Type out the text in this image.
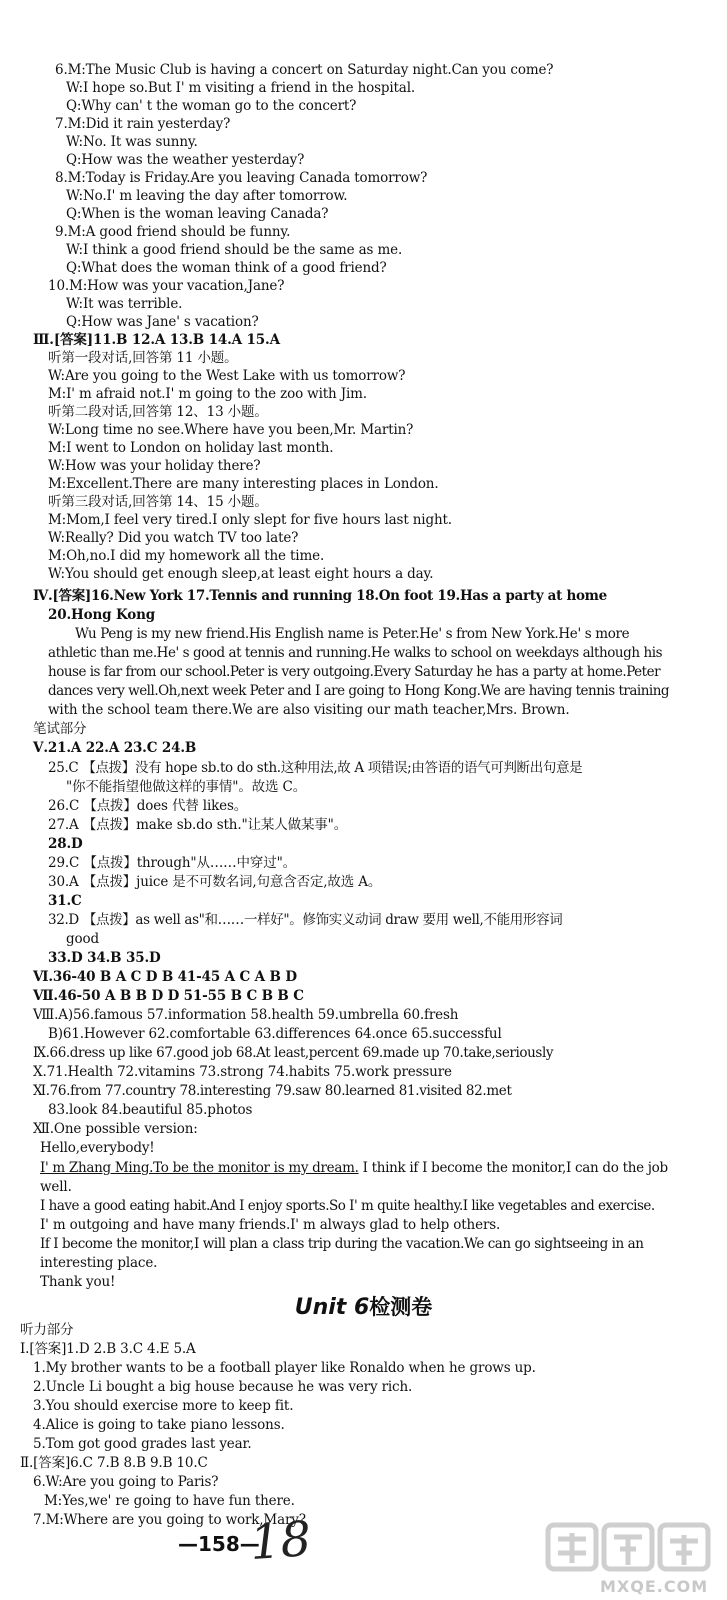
6.M:The Music Club is having a concert on Saturday night.Can you come?
W:I hope so.But I' m visiting a friend in the hospital.
Q:Why can' t the woman go to the concert?
7.M:Did it rain yesterday?
W:No. It was sunny.
Q:How was the weather yesterday?
8.M:Today is Friday.Are you leaving Canada tomorrow?
W:No.I' m leaving the day after tomorrow.
Q:When is the woman leaving Canada?
9.M:A good friend should be funny.
W:I think a good friend should be the same as me.
Q:What does the woman think of a good friend?
10.M:How was your vacation,Jane?
W:It was terrible.
Q:How was Jane' s vacation?
Ⅲ.[答案]11.B 12.A 13.B 14.A 15.A
听第一段对话,回答第 11 小题。
W:Are you going to the West Lake with us tomorrow?
M:I' m afraid not.I' m going to the zoo with Jim.
听第二段对话,回答第 12、13 小题。
W:Long time no see.Where have you been,Mr. Martin?
M:I went to London on holiday last month.
W:How was your holiday there?
M:Excellent.There are many interesting places in London.
听第三段对话,回答第 14、15 小题。
M:Mom,I feel very tired.I only slept for five hours last night.
W:Really? Did you watch TV too late?
M:Oh,no.I did my homework all the time.
W:You should get enough sleep,at least eight hours a day.
Ⅳ.[答案]16.New York 17.Tennis and running 18.On foot 19.Has a party at home
20.Hong Kong
Wu Peng is my new friend.His English name is Peter.He' s from New York.He' s more
athletic than me.He' s good at tennis and running.He walks to school on weekdays although his
house is far from our school.Peter is very outgoing.Every Saturday he has a party at home.Peter
dances very well.Oh,next week Peter and I are going to Hong Kong.We are having tennis training
with the school team there.We are also visiting our math teacher,Mrs. Brown.
笔试部分
Ⅴ.21.A 22.A 23.C 24.B
25.C 【点拨】没有 hope sb.to do sth.这种用法,故 A 项错误;由答语的语气可判断出句意是
"你不能指望他做这样的事情"。故选 C。
26.C 【点拨】does 代替 likes。
27.A 【点拨】make sb.do sth."让某人做某事"。
28.D
29.C 【点拨】through"从……中穿过"。
30.A 【点拨】juice 是不可数名词,句意含否定,故选 A。
31.C
32.D 【点拨】as well as"和……一样好"。修饰实义动词 draw 要用 well,不能用形容词
good
33.D 34.B 35.D
Ⅵ.36-40 B A C D B 41-45 A C A B D
Ⅶ.46-50 A B B D D 51-55 B C B B C
Ⅷ.A)56.famous 57.information 58.health 59.umbrella 60.fresh
B)61.However 62.comfortable 63.differences 64.once 65.successful
Ⅸ.66.dress up like 67.good job 68.At least,percent 69.made up 70.take,seriously
Ⅹ.71.Health 72.vitamins 73.strong 74.habits 75.work pressure
Ⅺ.76.from 77.country 78.interesting 79.saw 80.learned 81.visited 82.met
83.look 84.beautiful 85.photos
Ⅻ.One possible version:
Hello,everybody!
I' m Zhang Ming.To be the monitor is my dream. I think if I become the monitor,I can do the job
well.
I have a good eating habit.And I enjoy sports.So I' m quite healthy.I like vegetables and exercise.
I' m outgoing and have many friends.I' m always glad to help others.
If I become the monitor,I will plan a class trip during the vacation.We can go sightseeing in an
interesting place.
Thank you!
Unit 6检测卷
听力部分
Ⅰ.[答案]1.D 2.B 3.C 4.E 5.A
1.My brother wants to be a football player like Ronaldo when he grows up.
2.Uncle Li bought a big house because he was very rich.
3.You should exercise more to keep fit.
4.Alice is going to take piano lessons.
5.Tom got good grades last year.
Ⅱ.[答案]6.C 7.B 8.B 9.B 10.C
6.W:Are you going to Paris?
M:Yes,we' re going to have fun there.
7.M:Where are you going to work,Mary?
—158—
18
MXQE.COM
